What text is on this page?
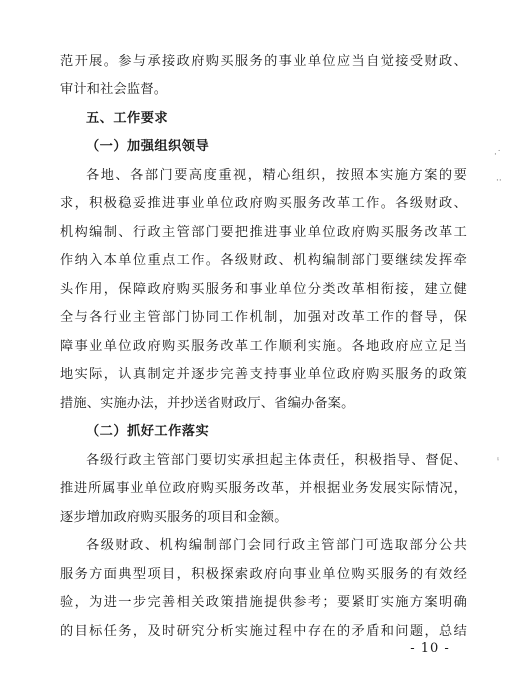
范开展。参与承接政府购买服务的事业单位应当自觉接受财政、
审计和社会监督。
五、工作要求
（一）加强组织领导
各地、各部门要高度重视，精心组织，按照本实施方案的要
求，积极稳妥推进事业单位政府购买服务改革工作。各级财政、
机构编制、行政主管部门要把推进事业单位政府购买服务改革工
作纳入本单位重点工作。各级财政、机构编制部门要继续发挥牵
头作用，保障政府购买服务和事业单位分类改革相衔接，建立健
全与各行业主管部门协同工作机制，加强对改革工作的督导，保
障事业单位政府购买服务改革工作顺利实施。各地政府应立足当
地实际，认真制定并逐步完善支持事业单位政府购买服务的政策
措施、实施办法，并抄送省财政厅、省编办备案。
（二）抓好工作落实
各级行政主管部门要切实承担起主体责任，积极指导、督促、
推进所属事业单位政府购买服务改革，并根据业务发展实际情况，
逐步增加政府购买服务的项目和金额。
各级财政、机构编制部门会同行政主管部门可选取部分公共
服务方面典型项目，积极探索政府向事业单位购买服务的有效经
验，为进一步完善相关政策措施提供参考；要紧盯实施方案明确
的目标任务，及时研究分析实施过程中存在的矛盾和问题，总结
- 10 -
·˙
··
ᵎ
